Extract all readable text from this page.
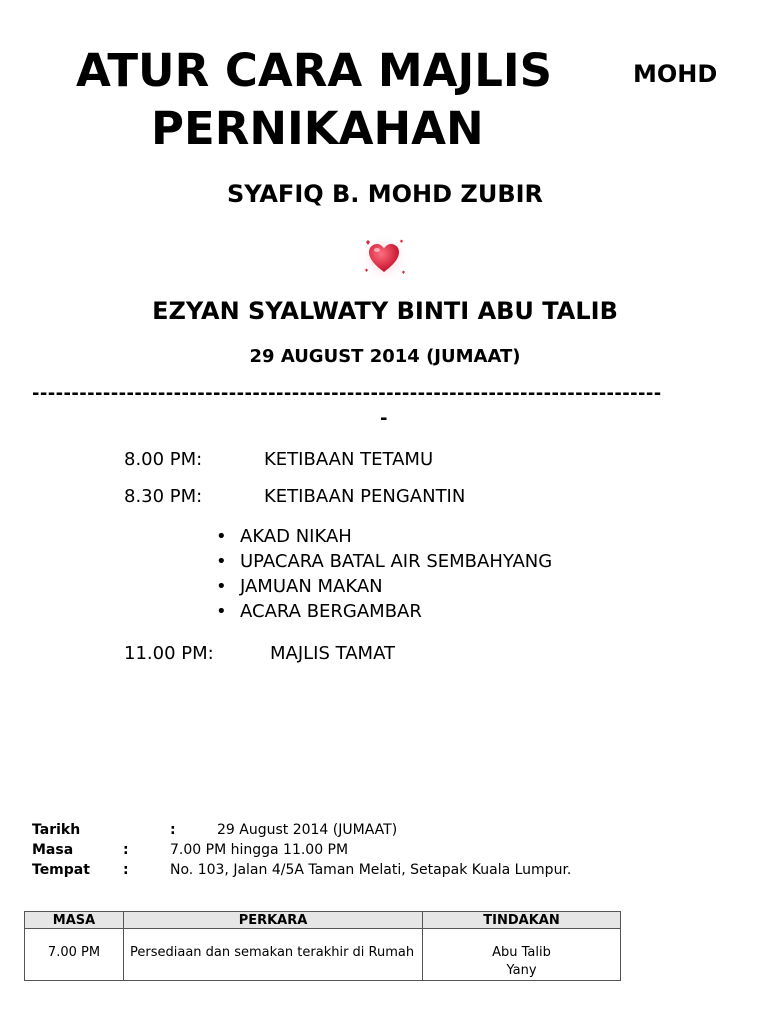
ATUR CARA MAJLIS
PERNIKAHAN
MOHD
SYAFIQ B. MOHD ZUBIR
EZYAN SYALWATY BINTI ABU TALIB
29 AUGUST 2014 (JUMAAT)
--------------------------------------------------------------------------------
-
8.00 PM:	KETIBAAN TETAMU
8.30 PM:	KETIBAAN PENGANTIN
• AKAD NIKAH
• UPACARA BATAL AIR SEMBAHYANG
• JAMUAN MAKAN
• ACARA BERGAMBAR
11.00 PM:	MAJLIS TAMAT
Tarikh	:	29 August 2014 (JUMAAT)
Masa	:	7.00 PM hingga 11.00 PM
Tempat :	No. 103, Jalan 4/5A Taman Melati, Setapak Kuala Lumpur.
MASA	PERKARA	TINDAKAN
7.00 PM	Persediaan dan semakan terakhir di Rumah	Abu Talib
Yany
